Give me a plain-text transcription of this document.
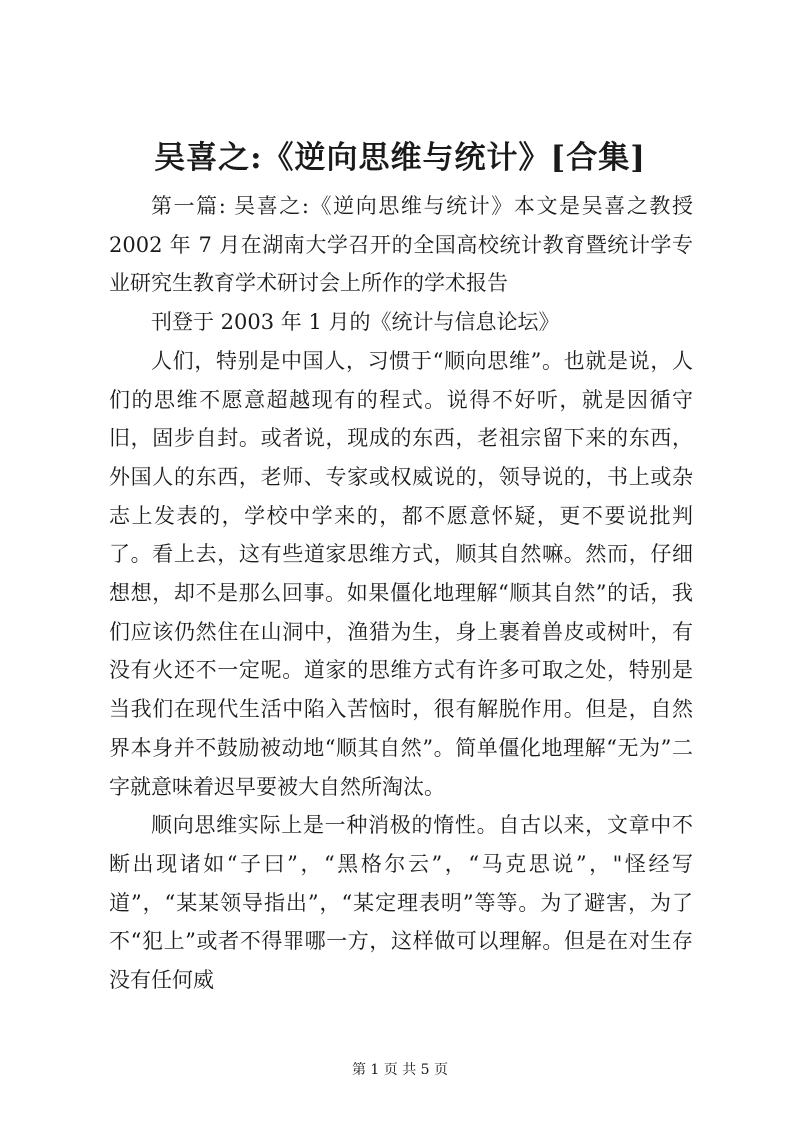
吴喜之:《逆向思维与统计》[合集]

第一篇: 吴喜之:《逆向思维与统计》本文是吴喜之教授 2002 年 7 月在湖南大学召开的全国高校统计教育暨统计学专业研究生教育学术研讨会上所作的学术报告

刊登于 2003 年 1 月的《统计与信息论坛》

人们，特别是中国人，习惯于“顺向思维”。也就是说，人们的思维不愿意超越现有的程式。说得不好听，就是因循守旧，固步自封。或者说，现成的东西，老祖宗留下来的东西，外国人的东西，老师、专家或权威说的，领导说的，书上或杂志上发表的，学校中学来的，都不愿意怀疑，更不要说批判了。看上去，这有些道家思维方式，顺其自然嘛。然而，仔细想想，却不是那么回事。如果僵化地理解“顺其自然”的话，我们应该仍然住在山洞中，渔猎为生，身上裹着兽皮或树叶，有没有火还不一定呢。道家的思维方式有许多可取之处，特别是当我们在现代生活中陷入苦恼时，很有解脱作用。但是，自然界本身并不鼓励被动地“顺其自然”。简单僵化地理解“无为”二字就意味着迟早要被大自然所淘汰。

顺向思维实际上是一种消极的惰性。自古以来，文章中不断出现诸如“子曰”，“黑格尔云”，“马克思说”，"怪经写道”，“某某领导指出”，“某定理表明”等等。为了避害，为了不“犯上”或者不得罪哪一方，这样做可以理解。但是在对生存没有任何威

第 1 页 共 5 页
